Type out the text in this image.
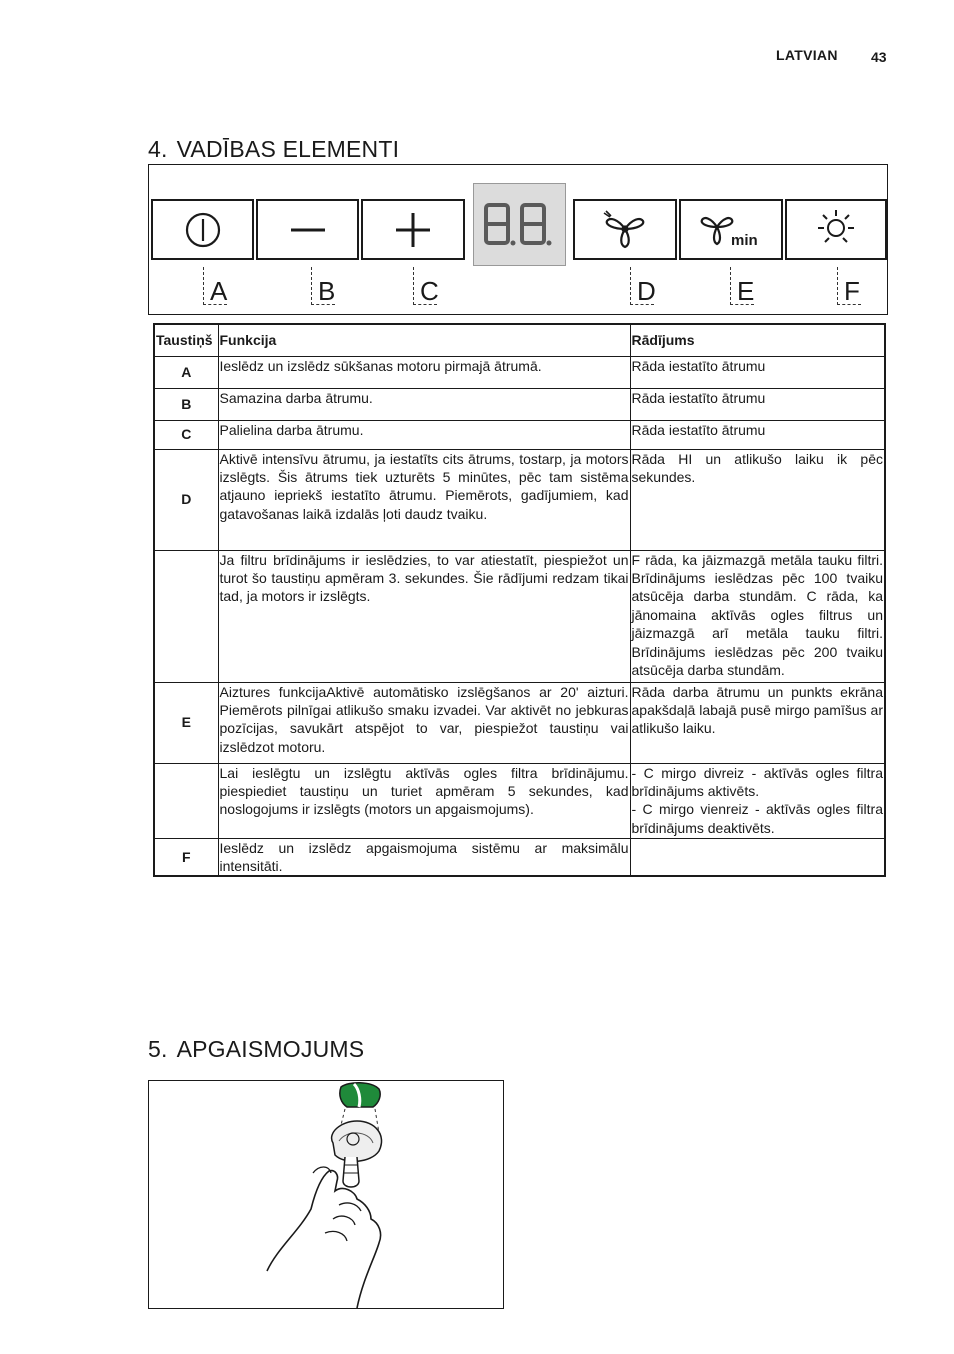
LATVIAN 43
4. VADĪBAS ELEMENTI
min
A	B	C	D	E	F
Taustiņš	Funkcija	Rādījums
A	Ieslēdz un izslēdz sūkšanas motoru pirmajā ātrumā.	Rāda iestatīto ātrumu
B	Samazina darba ātrumu.	Rāda iestatīto ātrumu
C	Palielina darba ātrumu.	Rāda iestatīto ātrumu
D	Aktivē intensīvu ātrumu, ja iestatīts cits ātrums, tostarp, ja motors izslēgts. Šis ātrums tiek uzturēts 5 minūtes, pēc tam sistēma atjauno iepriekš iestatīto ātrumu. Piemērots, gadījumiem, kad gatavošanas laikā izdalās ļoti daudz tvaiku.	Rāda HI un atlikušo laiku ik pēc sekundes.
	Ja filtru brīdinājums ir ieslēdzies, to var atiestatīt, piespiežot un turot šo taustiņu apmēram 3. sekundes. Šie rādījumi redzam tikai tad, ja motors ir izslēgts.	F rāda, ka jāizmazgā metāla tauku filtri. Brīdinājums ieslēdzas pēc 100 tvaiku atsūcēja darba stundām. C rāda, ka jānomaina aktīvās ogles filtrus un jāizmazgā arī metāla tauku filtri. Brīdinājums ieslēdzas pēc 200 tvaiku atsūcēja darba stundām.
E	Aiztures funkcijaAktivē automātisko izslēgšanos ar 20' aizturi. Piemērots pilnīgai atlikušo smaku izvadei. Var aktivēt no jebkuras pozīcijas, savukārt atspējot to var, piespiežot taustiņu vai izslēdzot motoru.	Rāda darba ātrumu un punkts ekrāna apakšdaļā labajā pusē mirgo pamīšus ar atlikušo laiku.
	Lai ieslēgtu un izslēgtu aktīvās ogles filtra brīdinājumu. piespiediet taustiņu un turiet apmēram 5 sekundes, kad noslogojums ir izslēgts (motors un apgaismojums).	- C mirgo divreiz - aktīvās ogles filtra brīdinājums aktivēts.
- C mirgo vienreiz - aktīvās ogles filtra brīdinājums deaktivēts.

F	Ieslēdz un izslēdz apgaismojuma sistēmu ar maksimālu intensitāti.	
5. APGAISMOJUMS
